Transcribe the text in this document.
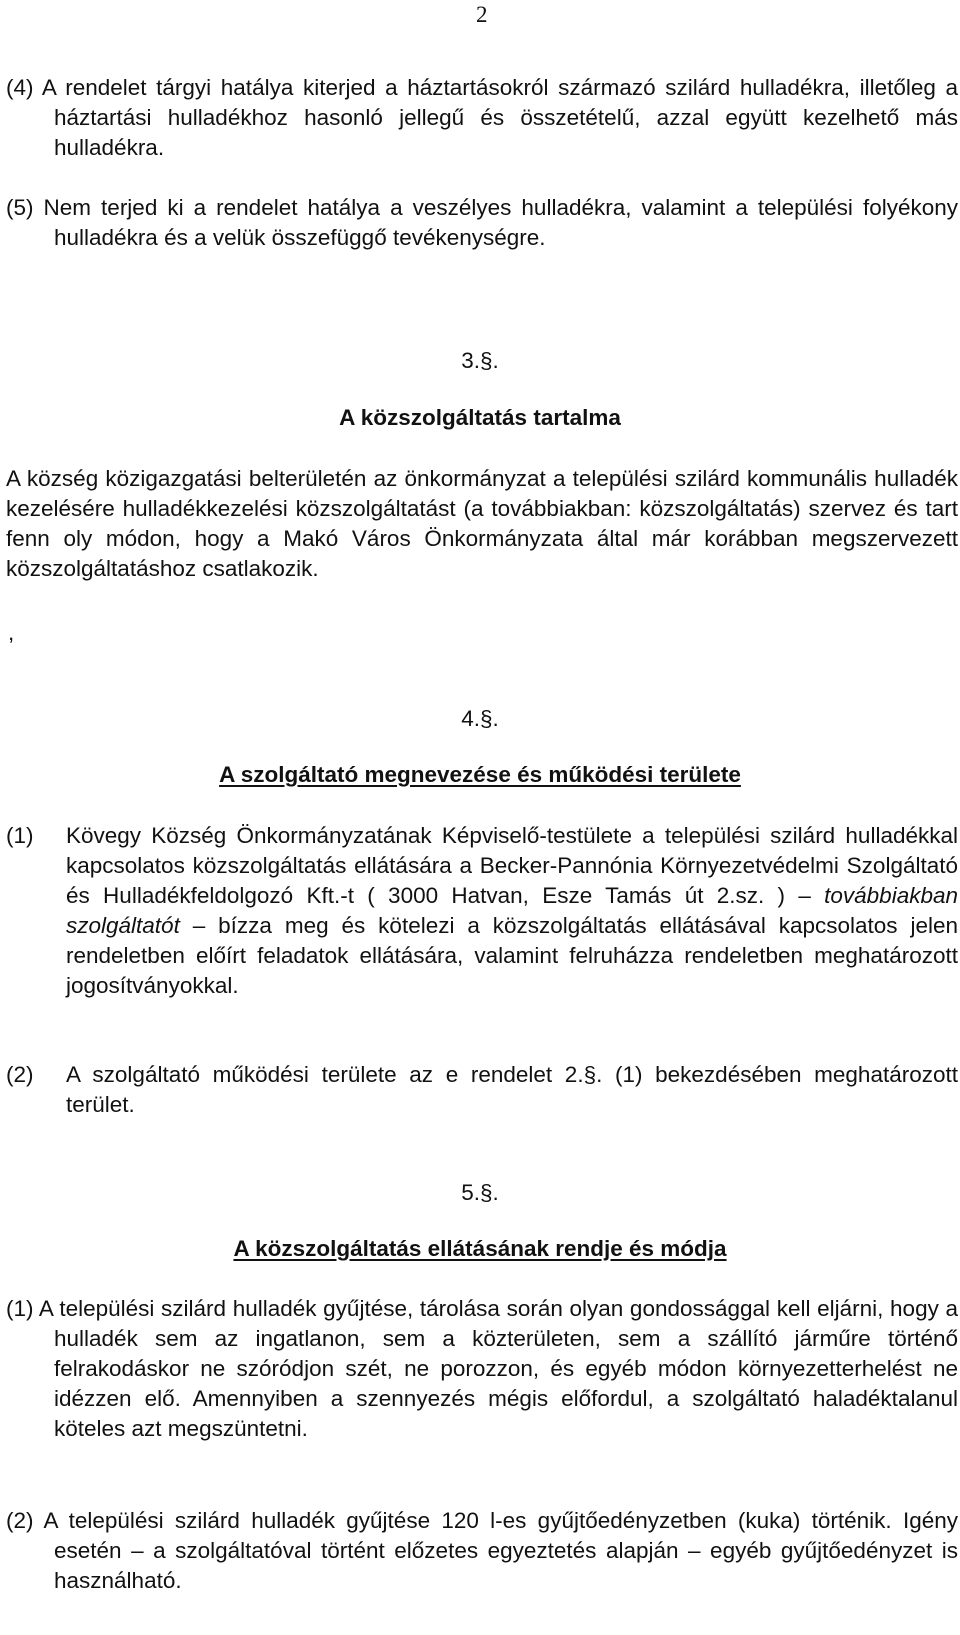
2

(4) A rendelet tárgyi hatálya kiterjed a háztartásokról származó szilárd hulladékra, illetőleg a háztartási hulladékhoz hasonló jellegű és összetételű, azzal együtt kezelhető más hulladékra.

(5) Nem terjed ki a rendelet hatálya a veszélyes hulladékra, valamint a települési folyékony hulladékra és a velük összefüggő tevékenységre.

3.§.

A közszolgáltatás tartalma

A község közigazgatási belterületén az önkormányzat a települési szilárd kommunális hulladék kezelésére hulladékkezelési közszolgáltatást (a továbbiakban: közszolgáltatás) szervez és tart fenn oly módon, hogy a Makó Város Önkormányzata által már korábban megszervezett közszolgáltatáshoz csatlakozik.

,

4.§.

A szolgáltató megnevezése és működési területe

(1) Kövegy Község Önkormányzatának Képviselő-testülete a települési szilárd hulladékkal kapcsolatos közszolgáltatás ellátására a Becker-Pannónia Környezetvédelmi Szolgáltató és Hulladékfeldolgozó Kft.-t ( 3000 Hatvan, Esze Tamás út 2.sz. ) – továbbiakban szolgáltatót – bízza meg és kötelezi a közszolgáltatás ellátásával kapcsolatos jelen rendeletben előírt feladatok ellátására, valamint felruházza rendeletben meghatározott jogosítványokkal.

(2) A szolgáltató működési területe az e rendelet 2.§. (1) bekezdésében meghatározott terület.

5.§.

A közszolgáltatás ellátásának rendje és módja

(1) A települési szilárd hulladék gyűjtése, tárolása során olyan gondossággal kell eljárni, hogy a hulladék sem az ingatlanon, sem a közterületen, sem a szállító járműre történő felrakodáskor ne szóródjon szét, ne porozzon, és egyéb módon környezetterhelést ne idézzen elő. Amennyiben a szennyezés mégis előfordul, a szolgáltató haladéktalanul köteles azt megszüntetni.

(2) A települési szilárd hulladék gyűjtése 120 l-es gyűjtőedényzetben (kuka) történik. Igény esetén – a szolgáltatóval történt előzetes egyeztetés alapján – egyéb gyűjtőedényzet is használható.
